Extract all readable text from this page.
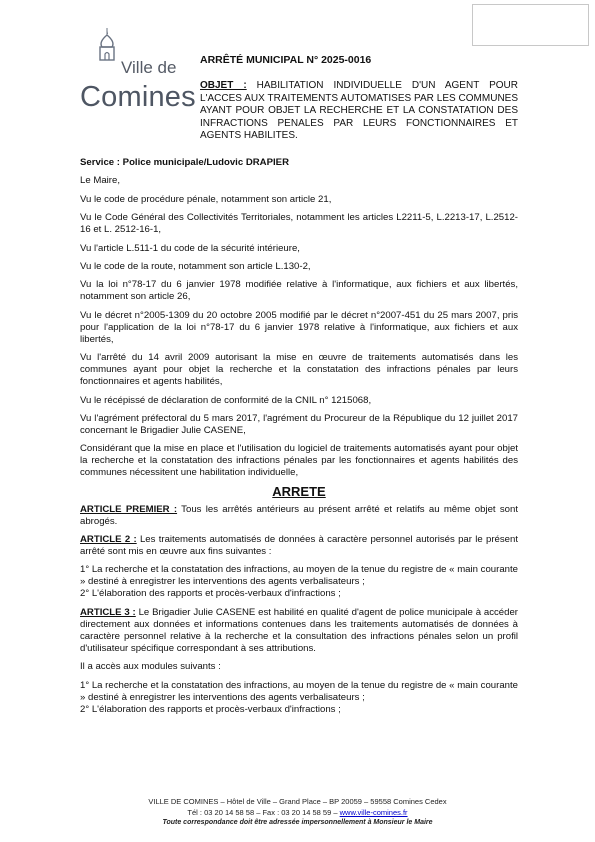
Ville de
Comines
ARRÊTÉ MUNICIPAL N° 2025-0016

OBJET : HABILITATION INDIVIDUELLE D'UN AGENT POUR L'ACCES AUX TRAITEMENTS AUTOMATISES PAR LES COMMUNES AYANT POUR OBJET LA RECHERCHE ET LA CONSTATATION DES INFRACTIONS PENALES PAR LEURS FONCTIONNAIRES ET AGENTS HABILITES.

Service : Police municipale/Ludovic DRAPIER

Le Maire,

Vu le code de procédure pénale, notamment son article 21,

Vu le Code Général des Collectivités Territoriales, notamment les articles L2211-5, L.2213-17, L.2512-16 et L. 2512-16-1,

Vu l'article L.511-1 du code de la sécurité intérieure,

Vu le code de la route, notamment son article L.130-2,

Vu la loi n°78-17 du 6 janvier 1978 modifiée relative à l'informatique, aux fichiers et aux libertés, notamment son article 26,

Vu le décret n°2005-1309 du 20 octobre 2005 modifié par le décret n°2007-451 du 25 mars 2007, pris pour l'application de la loi n°78-17 du 6 janvier 1978 relative à l'informatique, aux fichiers et aux libertés,

Vu l'arrêté du 14 avril 2009 autorisant la mise en œuvre de traitements automatisés dans les communes ayant pour objet la recherche et la constatation des infractions pénales par leurs fonctionnaires et agents habilités,

Vu le récépissé de déclaration de conformité de la CNIL n° 1215068,

Vu l'agrément préfectoral du 5 mars 2017, l'agrément du Procureur de la République du 12 juillet 2017 concernant le Brigadier Julie CASENE,

Considérant que la mise en place et l'utilisation du logiciel de traitements automatisés ayant pour objet la recherche et la constatation des infractions pénales par les fonctionnaires et agents habilités des communes nécessitent une habilitation individuelle,

ARRETE

ARTICLE PREMIER : Tous les arrêtés antérieurs au présent arrêté et relatifs au même objet sont abrogés.

ARTICLE 2 : Les traitements automatisés de données à caractère personnel autorisés par le présent arrêté sont mis en œuvre aux fins suivantes :

1° La recherche et la constatation des infractions, au moyen de la tenue du registre de « main courante » destiné à enregistrer les interventions des agents verbalisateurs ;

2° L'élaboration des rapports et procès-verbaux d'infractions ;

ARTICLE 3 : Le Brigadier Julie CASENE est habilité en qualité d'agent de police municipale à accéder directement aux données et informations contenues dans les traitements automatisés de données à caractère personnel relative à la recherche et la consultation des infractions pénales selon un profil d'utilisateur spécifique correspondant à ses attributions.

Il a accès aux modules suivants :

1° La recherche et la constatation des infractions, au moyen de la tenue du registre de « main courante » destiné à enregistrer les interventions des agents verbalisateurs ;

2° L'élaboration des rapports et procès-verbaux d'infractions ;

VILLE DE COMINES – Hôtel de Ville – Grand Place – BP 20059 – 59558 Comines Cedex
Tél : 03 20 14 58 58 – Fax : 03 20 14 58 59 – www.ville-comines.fr
Toute correspondance doit être adressée impersonnellement à Monsieur le Maire
